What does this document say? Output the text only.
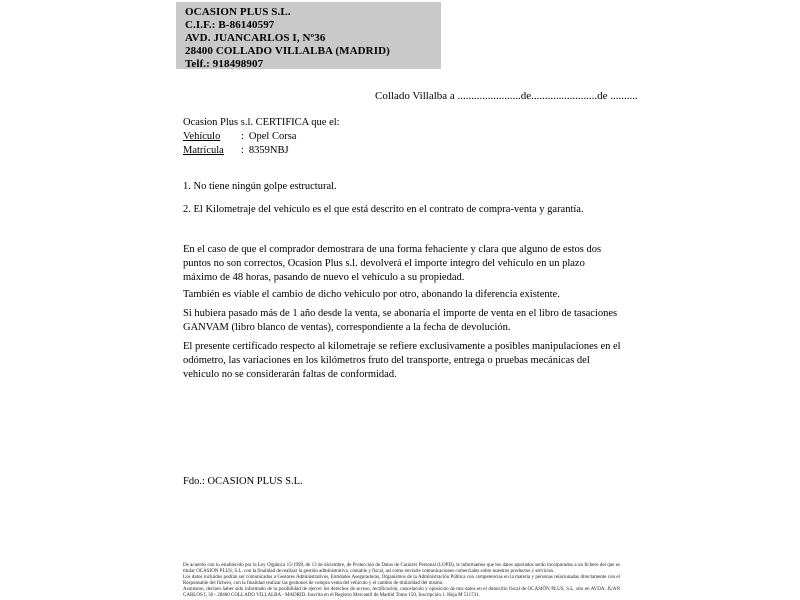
OCASION PLUS S.L.
C.I.F.: B-86140597
AVD. JUANCARLOS I, Nº36
28400 COLLADO VILLALBA (MADRID)
Telf.: 918498907
Collado Villalba a .......................de........................de ..........

Ocasion Plus s.l. CERTIFICA que el:

Vehículo : Opel Corsa
Matrícula : 8359NBJ

1. No tiene ningún golpe estructural.

2. El Kilometraje del vehículo es el que está descrito en el contrato de compra-venta y garantía.

En el caso de que el comprador demostrara de una forma fehaciente y clara que alguno de estos dos puntos no son correctos, Ocasion Plus s.l. devolverá el importe integro del vehículo en un plazo máximo de 48 horas, pasando de nuevo el vehículo a su propiedad.

También es viable el cambio de dicho vehiculo por otro, abonando la diferencia existente.

Si hubiera pasado más de 1 año desde la venta, se abonaría el importe de venta en el libro de tasaciones GANVAM (libro blanco de ventas), correspondiente a la fecha de devolución.

El presente certificado respecto al kilometraje se refiere exclusivamente a posibles manipulaciones en el odómetro, las variaciones en los kilómetros fruto del transporte, entrega o pruebas mecánicas del vehiculo no se considerarán faltas de conformidad.

Fdo.: OCASION PLUS S.L.

De acuerdo con lo establecido por la Ley Orgánica 15/1999, de 13 de diciembre, de Protección de Datos de Carácter Personal (LOPD), le informamos que los datos aportados serán incorporados a un fichero del que es titular OCASION PLUS, S.L. con la finalidad de realizar la gestión administrativa, contable y fiscal, así como enviarle comunicaciones comerciales sobre nuestros productos y servicios.

Los datos incluidos podrán ser comunicados a Gestores Administrativos, Entidades Aseguradoras, Organismos de la Administración Pública con competencias en la materia y personas relacionadas directamente con el Responsable del fichero, con la finalidad realizar las gestiones de compra venta del vehículo y el cambio de titularidad del mismo.

Asimismo, declaro haber sido informado de la posibilidad de ejercer los derechos de acceso, rectificación, cancelación y oposición de mis datos en el domicilio fiscal de OCASIÓN PLUS, S.L. sito en AVDA. JUAN CARLOS I, 36 - 28400 COLLADO VILLALBA - MADRID. Inscrita en el Registro Mercantil de Madrid Tomo 150, Inscripción 1. Hoja M 511731.
